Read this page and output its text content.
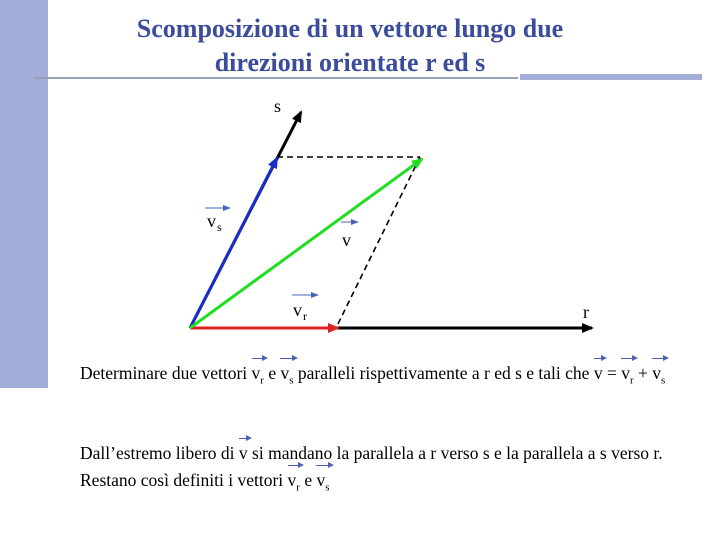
Scomposizione di un vettore lungo due
direzioni orientate r ed s
s
r
v
v s
v r
Determinare due vettori $v_r$ e $v_s$ paralleli rispettivamente a r ed s e tali che $v = v_r + v_s$
Dall’estremo libero di v si mandano la parallela a r verso s e la parallela a s verso r. Restano così definiti i vettori $v_r$ e $v_s$
